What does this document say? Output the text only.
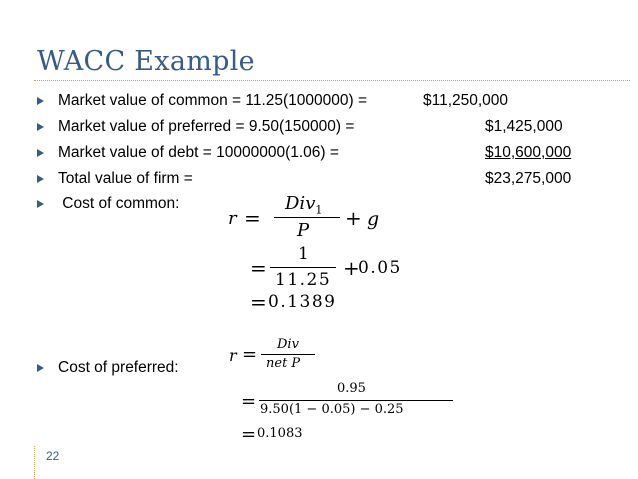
WACC Example
Market value of common = 11.25(1000000) =	$11,250,000
Market value of preferred = 9.50(150000) =	$1,425,000
Market value of debt = 10000000(1.06) =	$10,600,000
Total value of firm =	$23,275,000
Cost of common:
Cost of preferred:
r =
Div$_1$
P
+ g
=
1
11.25 +
0.05
= 0.1389
r = Div
net P
=
0.95
9.50(1 − 0.05) − 0.25
= 0.1083
22
